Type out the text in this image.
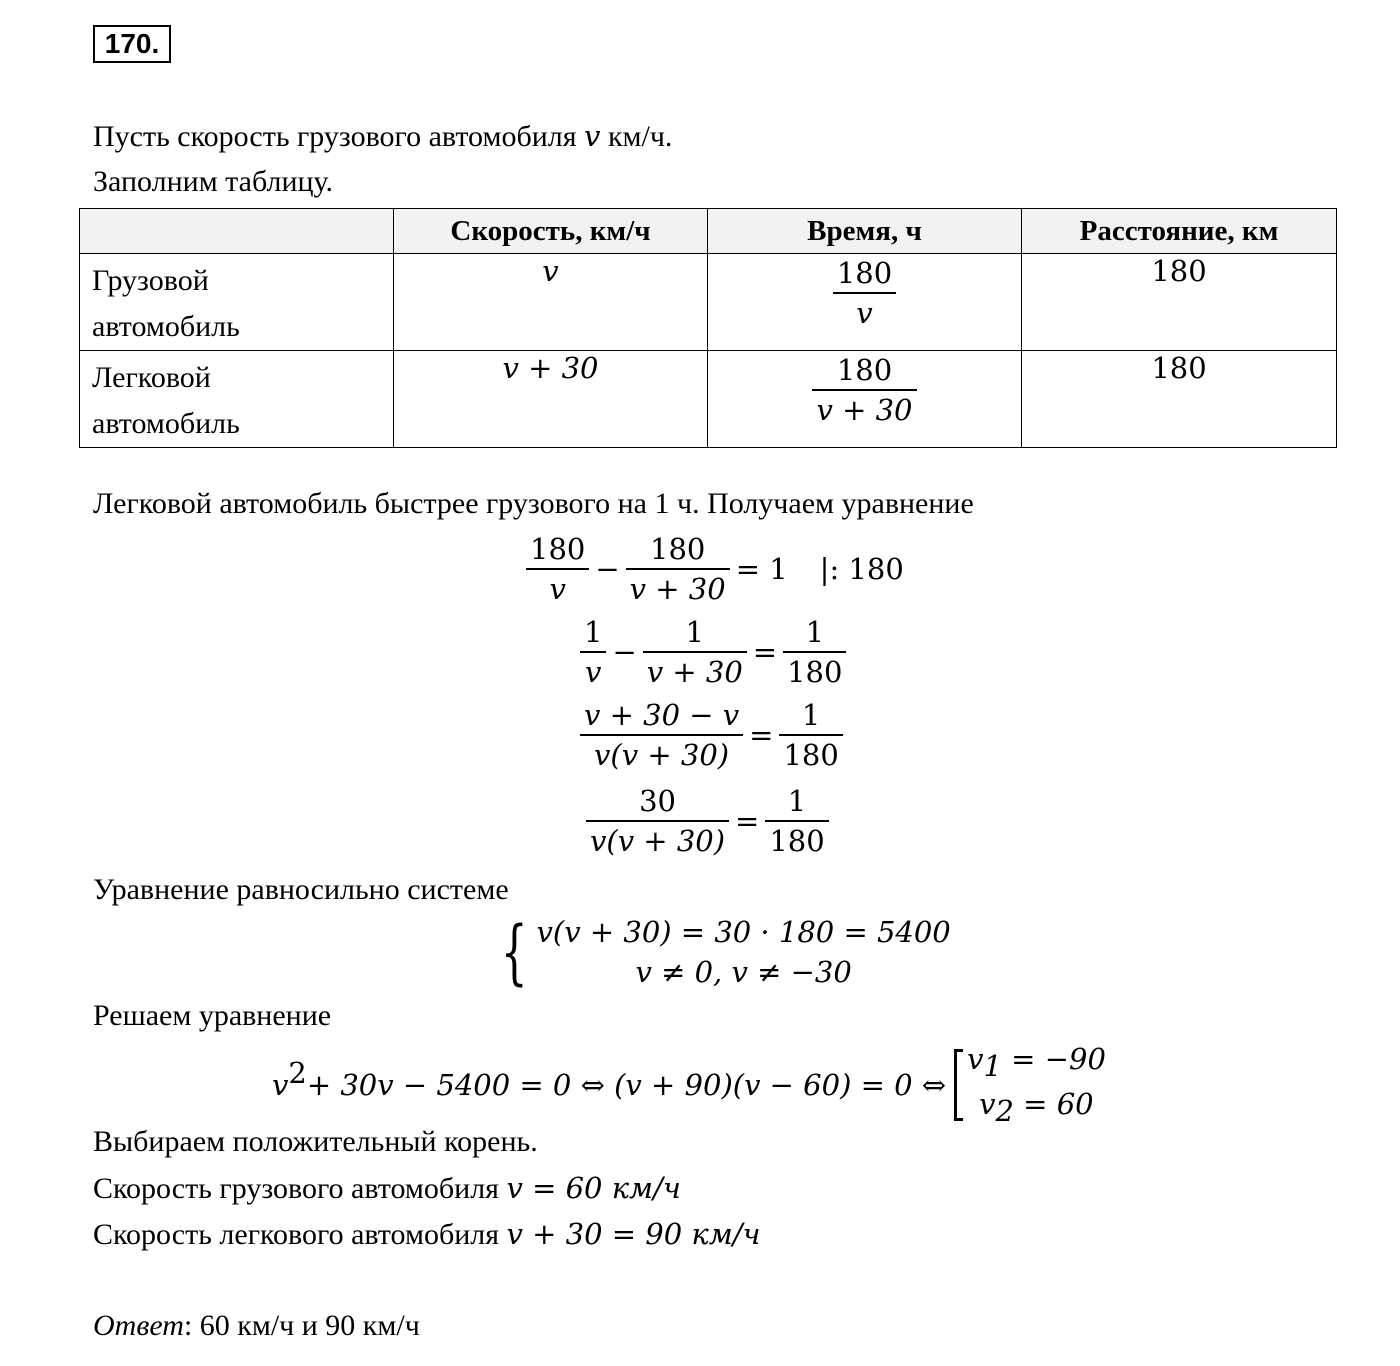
170.
Пусть скорость грузового автомобиля v км/ч.
Заполним таблицу.
	Скорость, км/ч	Время, ч	Расстояние, км

Грузовой
автомобиль	v	$\frac{180}{v}$	180

Легковой
автомобиль	v + 30	$\frac{180}{v + 30}$	180
Легковой автомобиль быстрее грузового на 1 ч. Получаем уравнение
$\frac{180}{v} - \frac{180}{v + 30} = 1$	|: 180
$\frac{1}{v} - \frac{1}{v + 30} = \frac{1}{180}$
$\frac{v + 30 - v}{v(v + 30)} = \frac{1}{180}$
$\frac{30}{v(v + 30)} = \frac{1}{180}$
Уравнение равносильно системе
{ v(v + 30) = 30 · 180 = 5400
v ≠ 0, v ≠ −30
Решаем уравнение
$v^2 + 30v - 5400 = 0$ ⇔ (v + 90)(v − 60) = 0 ⇔
$v_1 = -90$
$v_2 = 60$
Выбираем положительный корень.
Скорость грузового автомобиля v = 60 км/ч
Скорость легкового автомобиля v + 30 = 90 км/ч
Ответ: 60 км/ч и 90 км/ч
